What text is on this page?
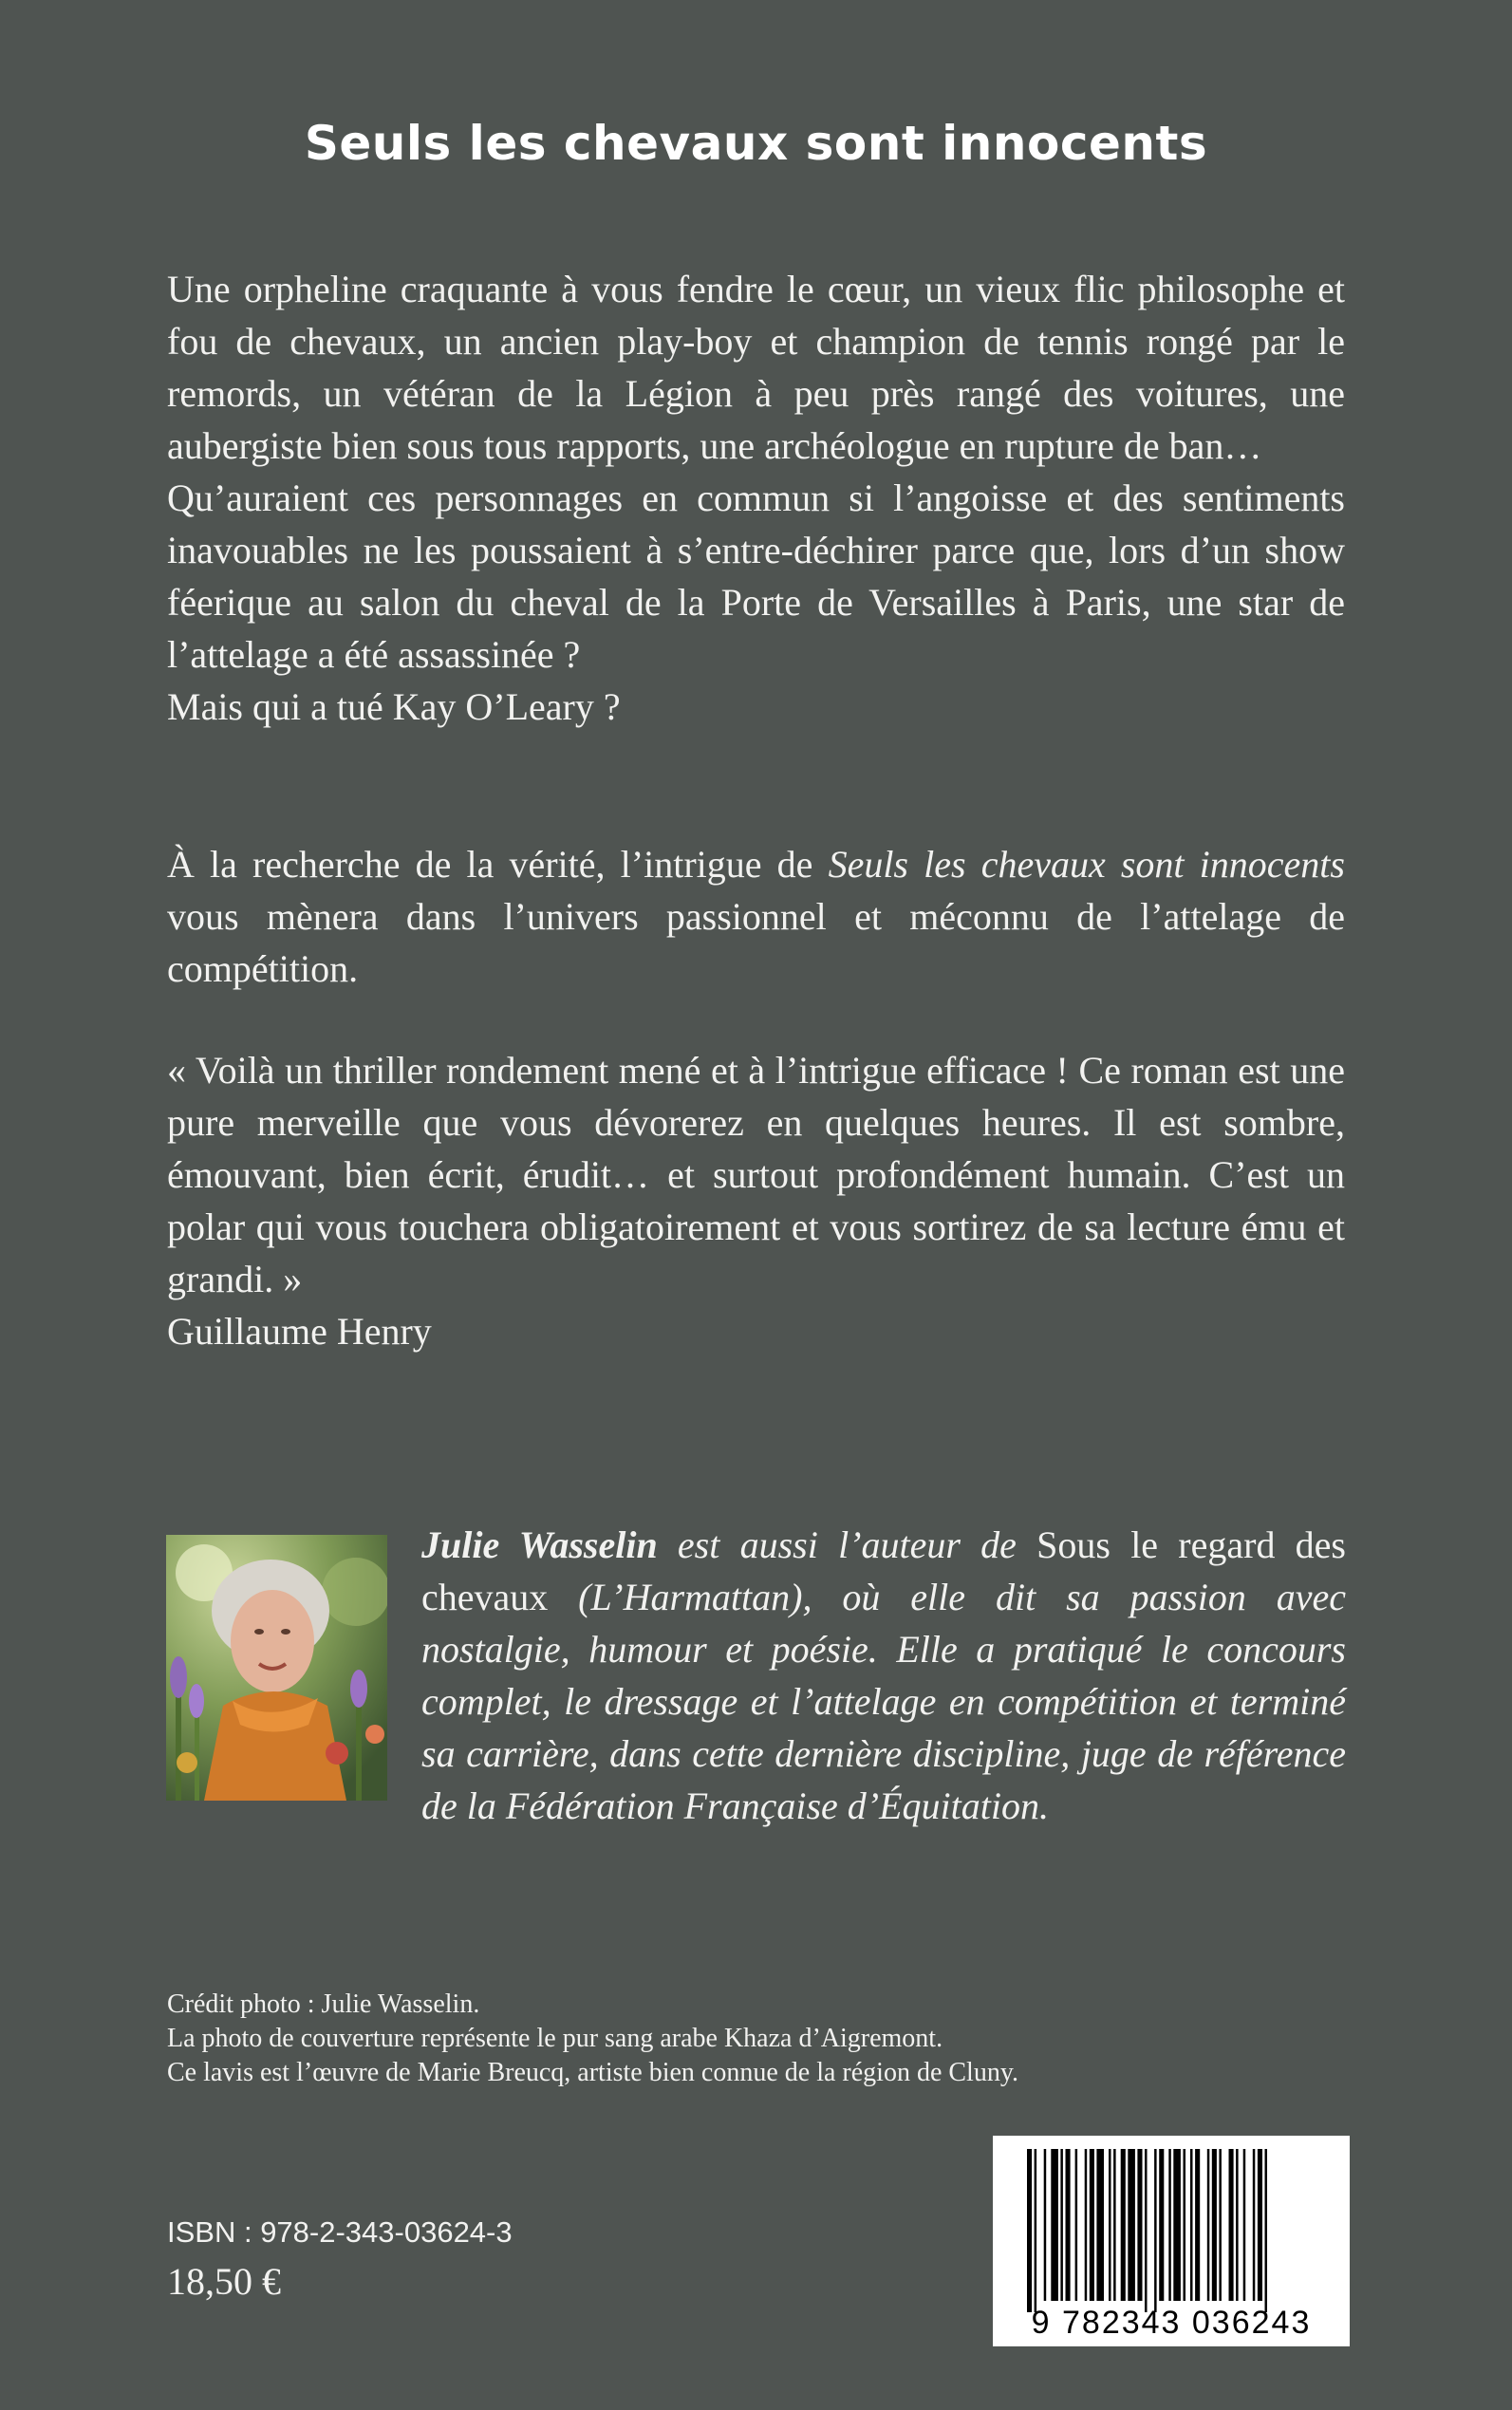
Seuls les chevaux sont innocents

Une orpheline craquante à vous fendre le cœur, un vieux flic philosophe et fou de chevaux, un ancien play-boy et champion de tennis rongé par le remords, un vétéran de la Légion à peu près rangé des voitures, une aubergiste bien sous tous rapports, une archéologue en rupture de ban…

Qu’auraient ces personnages en commun si l’angoisse et des sentiments inavouables ne les poussaient à s’entre-déchirer parce que, lors d’un show féerique au salon du cheval de la Porte de Versailles à Paris, une star de l’attelage a été assassinée ?

Mais qui a tué Kay O’Leary ?

À la recherche de la vérité, l’intrigue de Seuls les chevaux sont innocents vous mènera dans l’univers passionnel et méconnu de l’attelage de compétition.

« Voilà un thriller rondement mené et à l’intrigue efficace ! Ce roman est une pure merveille que vous dévorerez en quelques heures. Il est sombre, émouvant, bien écrit, érudit… et surtout profondément humain. C’est un polar qui vous touchera obligatoirement et vous sortirez de sa lecture ému et grandi. »

Guillaume Henry

Julie Wasselin est aussi l’auteur de Sous le regard des chevaux (L’Harmattan), où elle dit sa passion avec nostalgie, humour et poésie. Elle a pratiqué le concours complet, le dressage et l’attelage en compétition et terminé sa carrière, dans cette dernière discipline, juge de référence de la Fédération Française d’Équitation.
Crédit photo : Julie Wasselin.
La photo de couverture représente le pur sang arabe Khaza d’Aigremont.
Ce lavis est l’œuvre de Marie Breucq, artiste bien connue de la région de Cluny.
ISBN : 978-2-343-03624-3
18,50 €
9 782343 036243
